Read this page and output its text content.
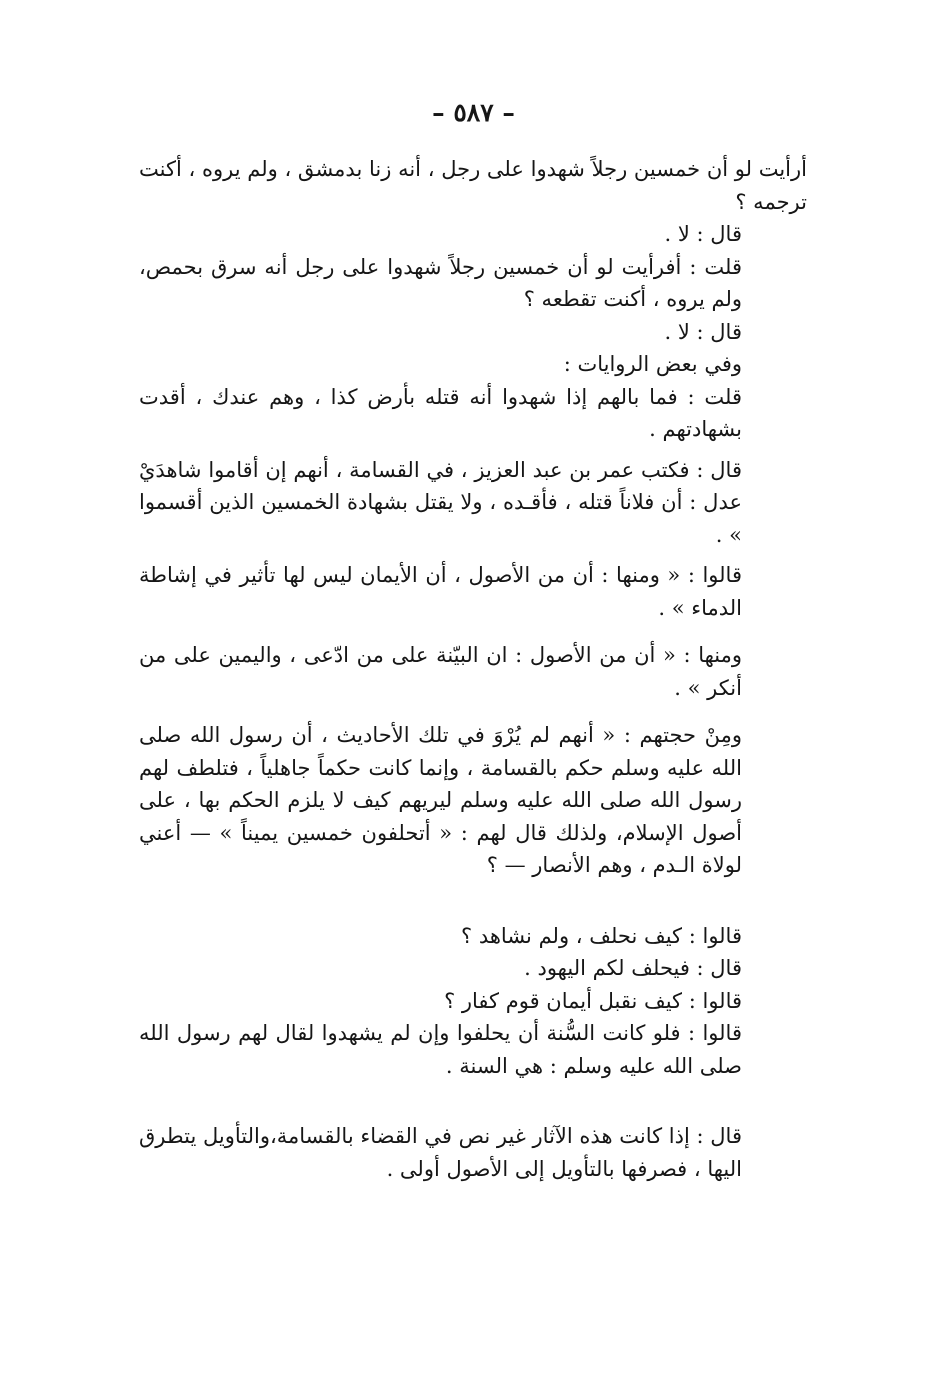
– ٥٨٧ –

أرأيت لو أن خمسين رجلاً شهدوا على رجل ، أنه زنا بدمشق ، ولم يروه ، أكنت ترجمه ؟

قال : لا .

قلت : أفرأيت لو أن خمسين رجلاً شهدوا على رجل أنه سرق بحمص، ولم يروه ، أكنت تقطعه ؟

قال : لا .

وفي بعض الروايات :

قلت : فما بالهم إذا شهدوا أنه قتله بأرض كذا ، وهم عندك ، أقدت بشهادتهم .

قال : فكتب عمر بن عبد العزيز ، في القسامة ، أنهم إن أقاموا شاهدَيْ عدل : أن فلاناً قتله ، فأقـده ، ولا يقتل بشهادة الخمسين الذين أقسموا » .

قالوا : « ومنها : أن من الأصول ، أن الأيمان ليس لها تأثير في إشاطة الدماء » .

ومنها : « أن من الأصول : ان البيّنة على من ادّعى ، واليمين على من أنكر » .

ومِنْ حجتهم : « أنهم لم يُرْوَ في تلك الأحاديث ، أن رسول الله صلى الله عليه وسلم حكم بالقسامة ، وإنما كانت حكماً جاهلياً ، فتلطف لهم رسول الله صلى الله عليه وسلم ليريهم كيف لا يلزم الحكم بها ، على أصول الإسلام، ولذلك قال لهم : « أتحلفون خمسين يميناً » — أعني لولاة الـدم ، وهم الأنصار — ؟

قالوا : كيف نحلف ، ولم نشاهد ؟

قال : فيحلف لكم اليهود .

قالوا : كيف نقبل أيمان قوم كفار ؟

قالوا : فلو كانت السُّنة أن يحلفوا وإن لم يشهدوا لقال لهم رسول الله صلى الله عليه وسلم : هي السنة .

قال : إذا كانت هذه الآثار غير نص في القضاء بالقسامة،والتأويل يتطرق اليها ، فصرفها بالتأويل إلى الأصول أولى .
